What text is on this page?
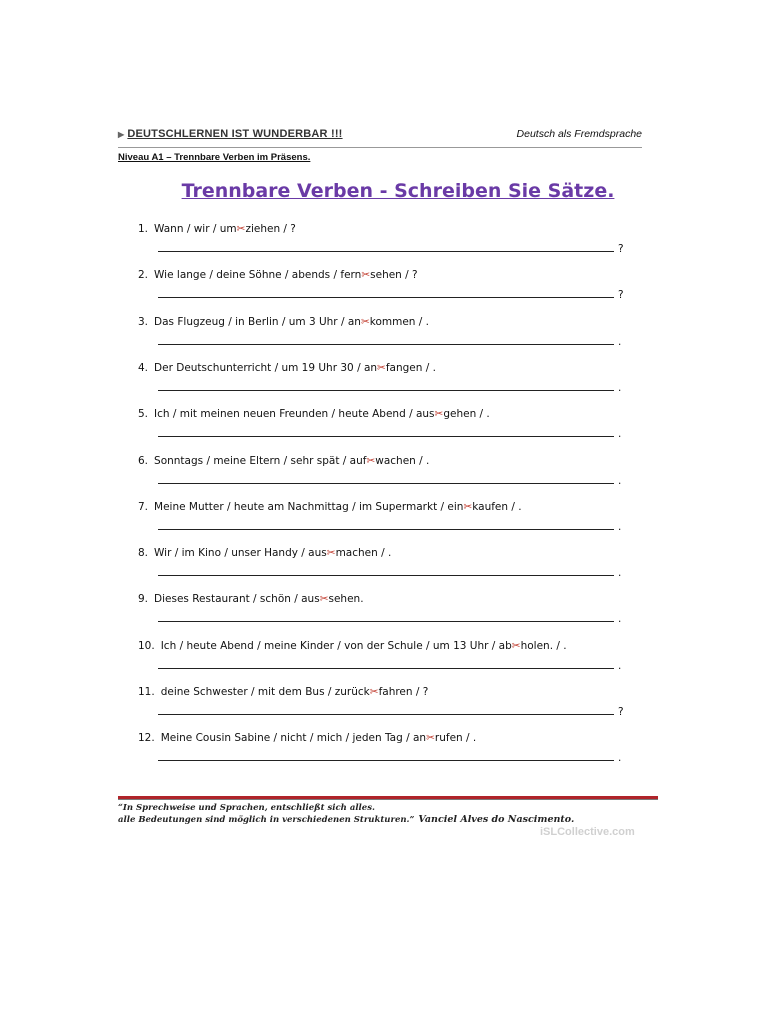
▶ DEUTSCHLERNEN IST WUNDERBAR !!!	Deutsch als Fremdsprache
Niveau A1 – Trennbare Verben im Präsens.
Trennbare Verben - Schreiben Sie Sätze.
1. Wann / wir / um✂ziehen / ?
?
2. Wie lange / deine Söhne / abends / fern✂sehen / ?
?
3. Das Flugzeug / in Berlin / um 3 Uhr / an✂kommen / .
.
4. Der Deutschunterricht / um 19 Uhr 30 / an✂fangen / .
.
5. Ich / mit meinen neuen Freunden / heute Abend / aus✂gehen / .
.
6. Sonntags / meine Eltern / sehr spät / auf✂wachen / .
.
7. Meine Mutter / heute am Nachmittag / im Supermarkt / ein✂kaufen / .
.
8. Wir / im Kino / unser Handy / aus✂machen / .
.
9. Dieses Restaurant / schön / aus✂sehen.
.
10. Ich / heute Abend / meine Kinder / von der Schule / um 13 Uhr / ab✂holen. / .
.
11. deine Schwester / mit dem Bus / zurück✂fahren / ?
?
12. Meine Cousin Sabine / nicht / mich / jeden Tag / an✂rufen / .
.
“In Sprechweise und Sprachen, entschließt sich alles.
alle Bedeutungen sind möglich in verschiedenen Strukturen.” Vanciel Alves do Nascimento.
iSLCollective.com
